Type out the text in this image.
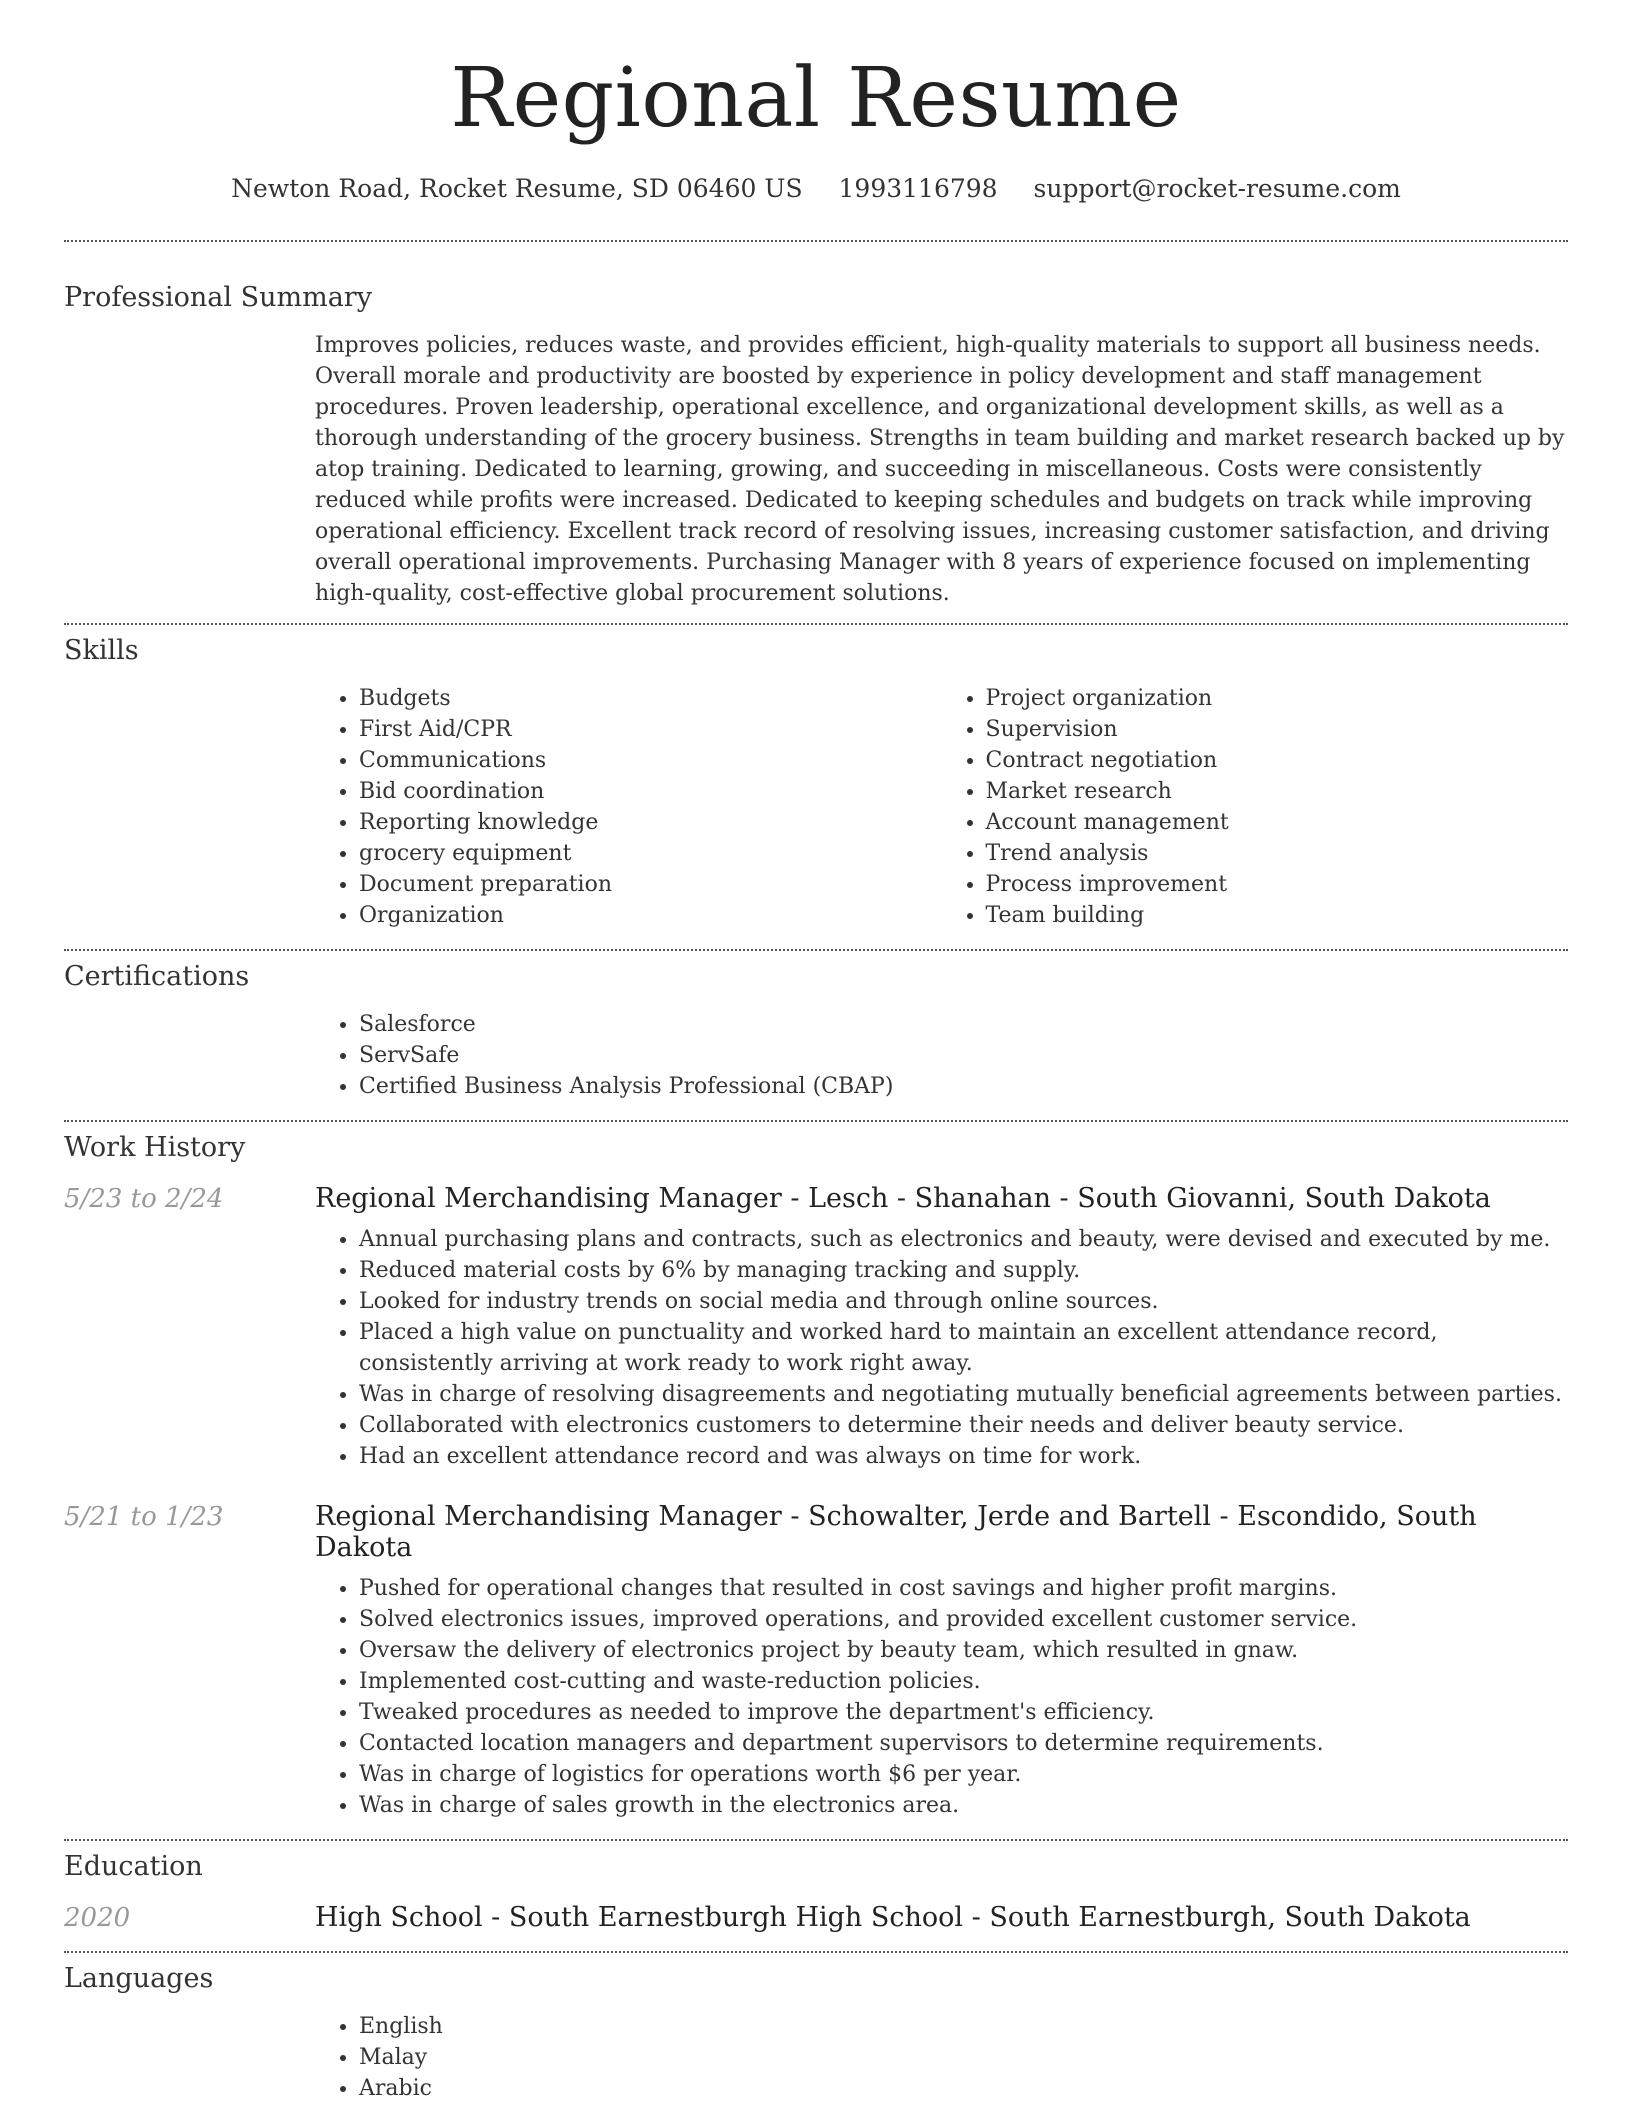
Regional Resume
Newton Road, Rocket Resume, SD 06460 US 1993116798 support@rocket-resume.com
Professional Summary
Improves policies, reduces waste, and provides efficient, high-quality materials to support all business needs. Overall morale and productivity are boosted by experience in policy development and staff management procedures. Proven leadership, operational excellence, and organizational development skills, as well as a thorough understanding of the grocery business. Strengths in team building and market research backed up by atop training. Dedicated to learning, growing, and succeeding in miscellaneous. Costs were consistently reduced while profits were increased. Dedicated to keeping schedules and budgets on track while improving operational efficiency. Excellent track record of resolving issues, increasing customer satisfaction, and driving overall operational improvements. Purchasing Manager with 8 years of experience focused on implementing high-quality, cost-effective global procurement solutions.
Skills
• Budgets
• First Aid/CPR
• Communications
• Bid coordination
• Reporting knowledge
• grocery equipment
• Document preparation
• Organization
• Project organization
• Supervision
• Contract negotiation
• Market research
• Account management
• Trend analysis
• Process improvement
• Team building
Certifications
• Salesforce
• ServSafe
• Certified Business Analysis Professional (CBAP)
Work History
5/23 to 2/24	Regional Merchandising Manager - Lesch - Shanahan - South Giovanni, South Dakota
• Annual purchasing plans and contracts, such as electronics and beauty, were devised and executed by me.
• Reduced material costs by 6% by managing tracking and supply.
• Looked for industry trends on social media and through online sources.
• Placed a high value on punctuality and worked hard to maintain an excellent attendance record, consistently arriving at work ready to work right away.
• Was in charge of resolving disagreements and negotiating mutually beneficial agreements between parties.
• Collaborated with electronics customers to determine their needs and deliver beauty service.
• Had an excellent attendance record and was always on time for work.
5/21 to 1/23	Regional Merchandising Manager - Schowalter, Jerde and Bartell - Escondido, South Dakota
• Pushed for operational changes that resulted in cost savings and higher profit margins.
• Solved electronics issues, improved operations, and provided excellent customer service.
• Oversaw the delivery of electronics project by beauty team, which resulted in gnaw.
• Implemented cost-cutting and waste-reduction policies.
• Tweaked procedures as needed to improve the department's efficiency.
• Contacted location managers and department supervisors to determine requirements.
• Was in charge of logistics for operations worth $6 per year.
• Was in charge of sales growth in the electronics area.
Education
2020	High School - South Earnestburgh High School - South Earnestburgh, South Dakota
Languages
• English
• Malay
• Arabic
